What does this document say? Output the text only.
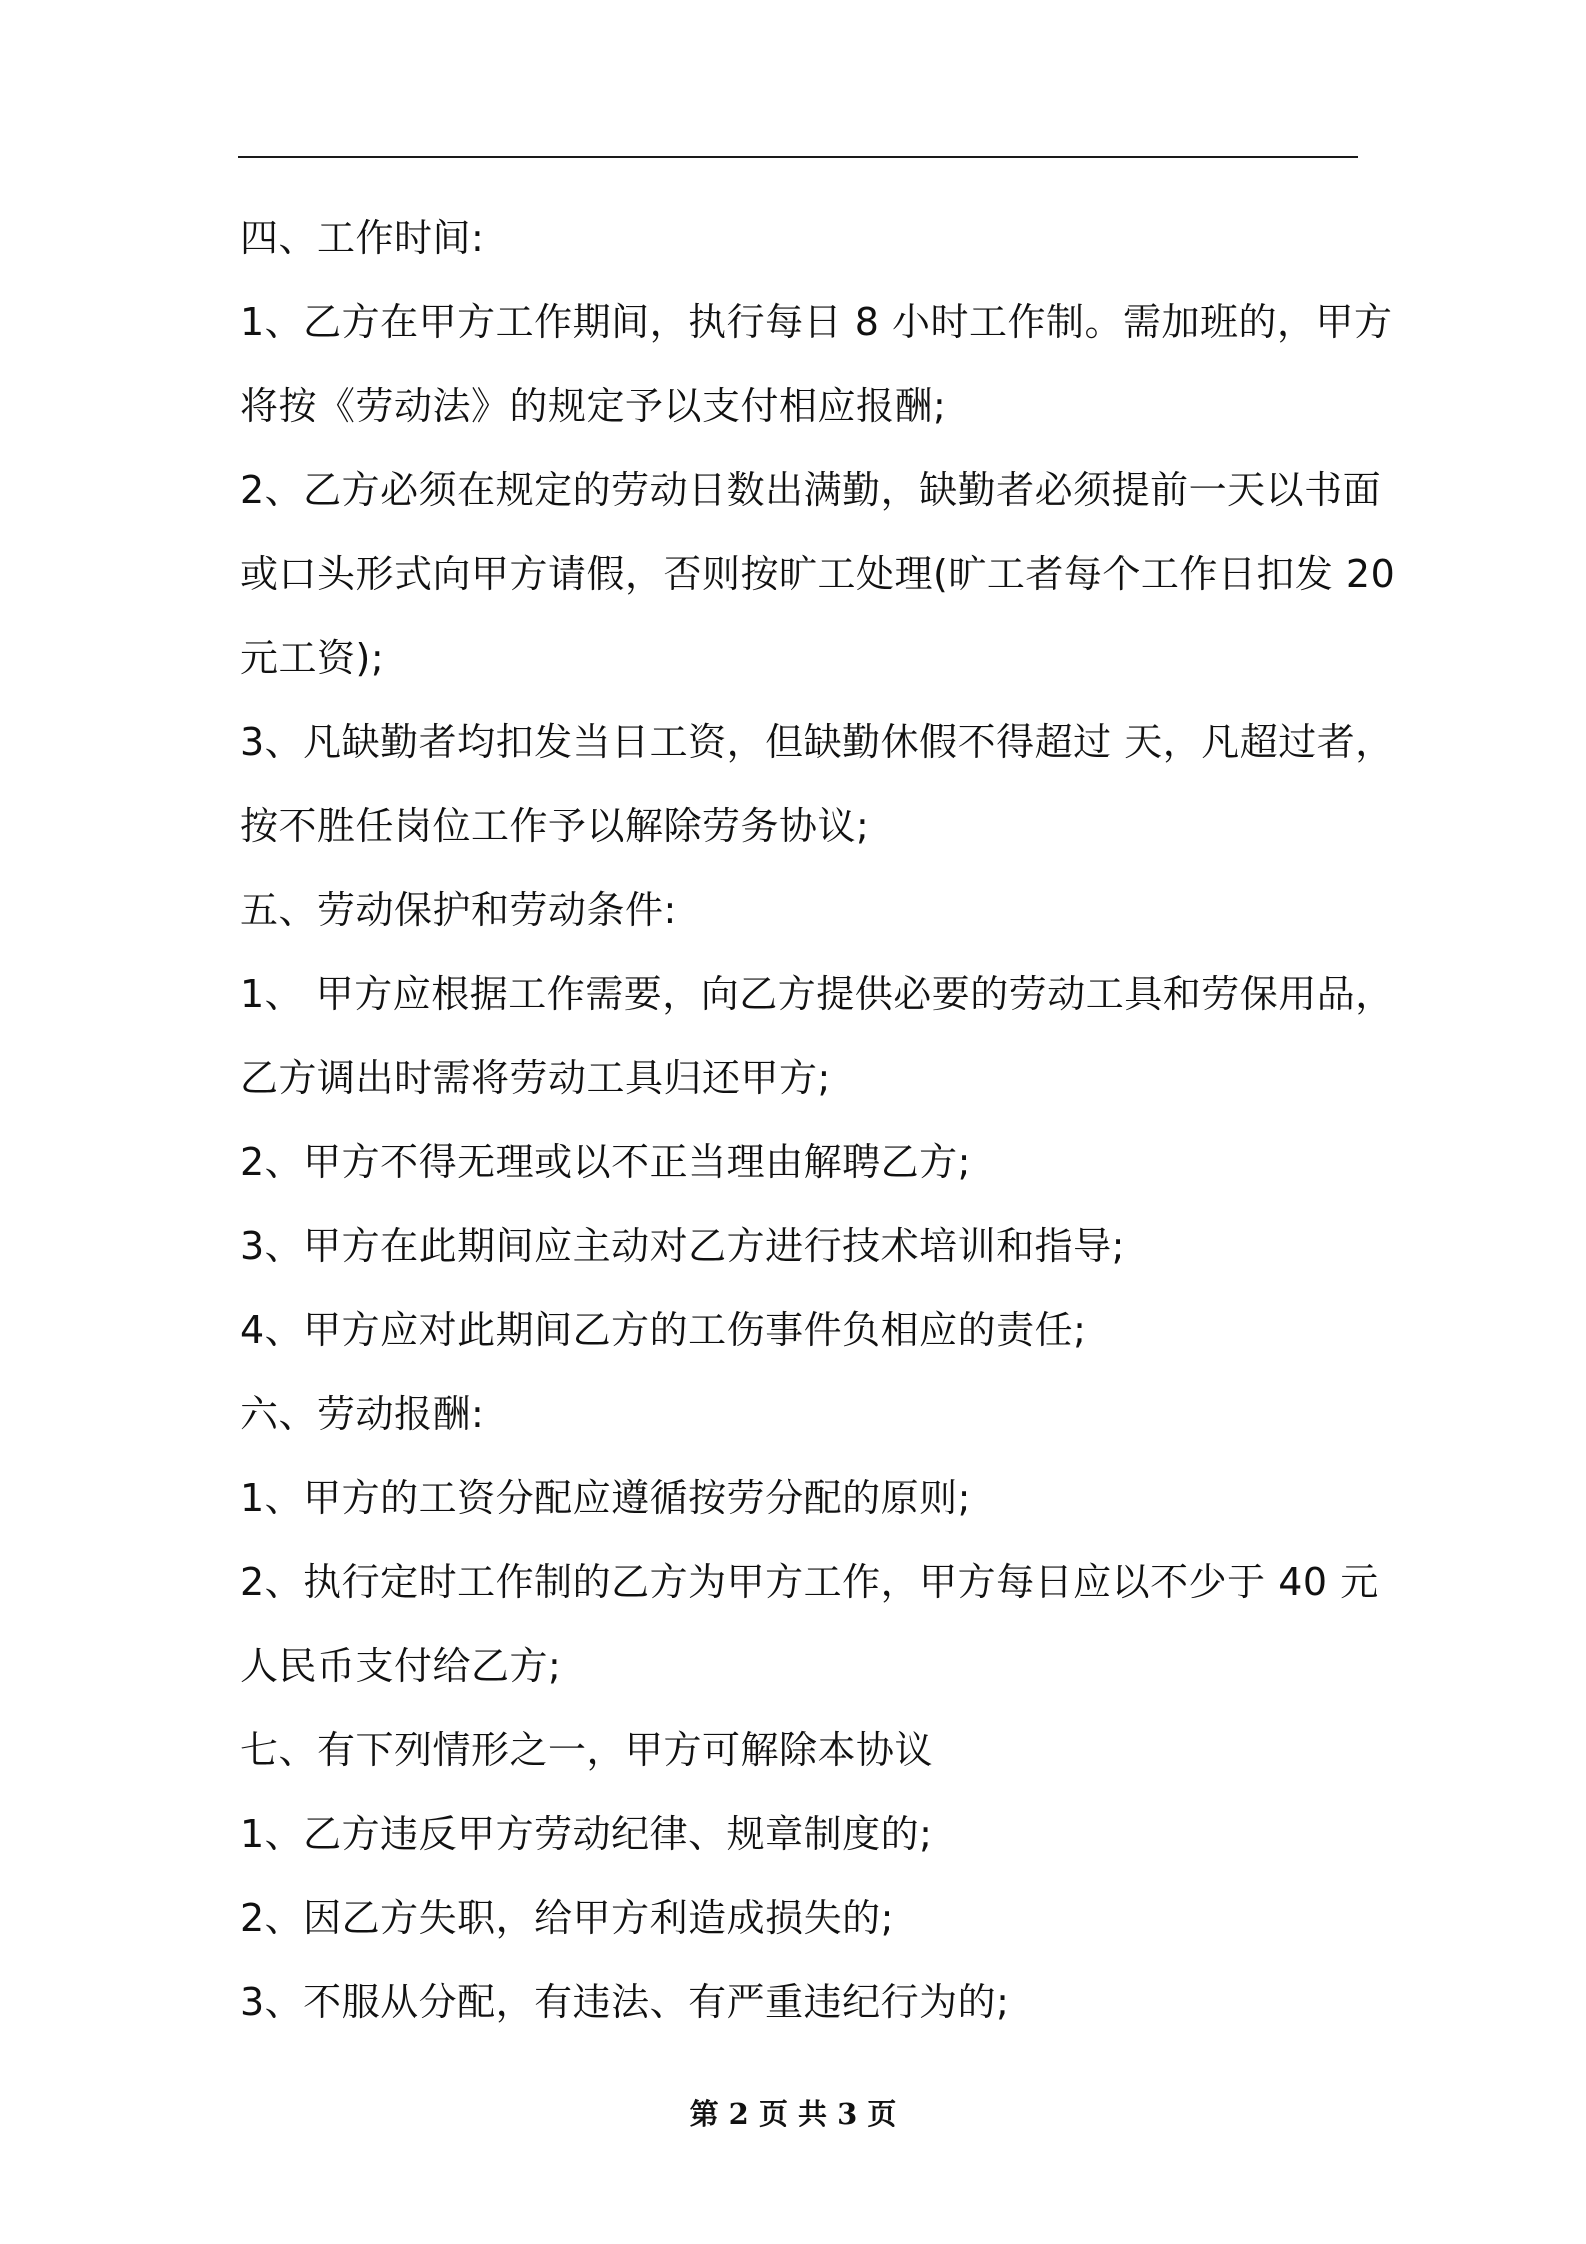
四、工作时间:
1、乙方在甲方工作期间，执行每日 8 小时工作制。需加班的，甲方
将按《劳动法》的规定予以支付相应报酬;
2、乙方必须在规定的劳动日数出满勤，缺勤者必须提前一天以书面
或口头形式向甲方请假，否则按旷工处理(旷工者每个工作日扣发 20
元工资);
3、凡缺勤者均扣发当日工资，但缺勤休假不得超过 天，凡超过者，
按不胜任岗位工作予以解除劳务协议;
五、劳动保护和劳动条件:
1、 甲方应根据工作需要，向乙方提供必要的劳动工具和劳保用品，
乙方调出时需将劳动工具归还甲方;
2、甲方不得无理或以不正当理由解聘乙方;
3、甲方在此期间应主动对乙方进行技术培训和指导;
4、甲方应对此期间乙方的工伤事件负相应的责任;
六、劳动报酬:
1、甲方的工资分配应遵循按劳分配的原则;
2、执行定时工作制的乙方为甲方工作，甲方每日应以不少于 40 元
人民币支付给乙方;
七、有下列情形之一，甲方可解除本协议
1、乙方违反甲方劳动纪律、规章制度的;
2、因乙方失职，给甲方利造成损失的;
3、不服从分配，有违法、有严重违纪行为的;
第 2 页 共 3 页
